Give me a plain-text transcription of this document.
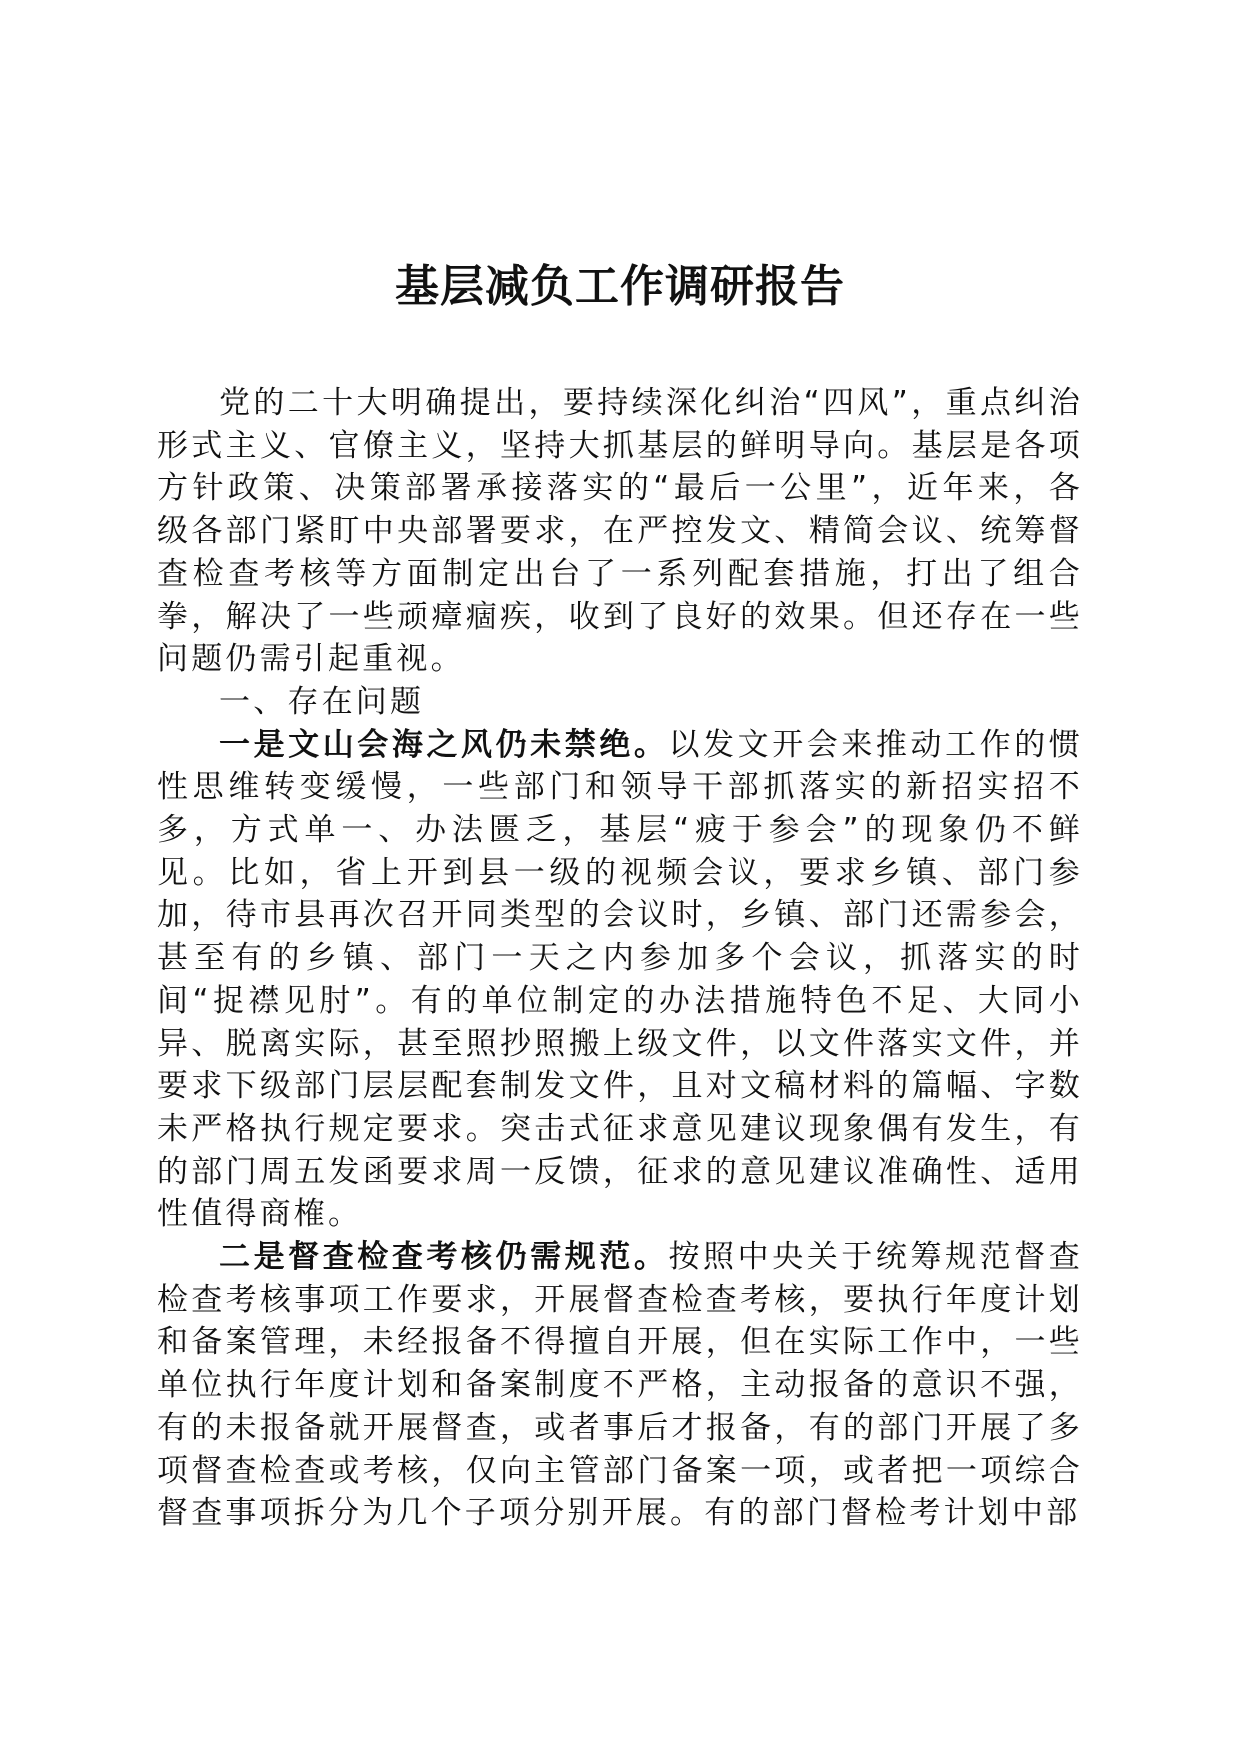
基层减负工作调研报告

党的二十大明确提出，要持续深化纠治“四风”，重点纠治形式主义、官僚主义，坚持大抓基层的鲜明导向。基层是各项方针政策、决策部署承接落实的“最后一公里”，近年来，各级各部门紧盯中央部署要求，在严控发文、精简会议、统筹督查检查考核等方面制定出台了一系列配套措施，打出了组合拳，解决了一些顽瘴痼疾，收到了良好的效果。但还存在一些问题仍需引起重视。

一、存在问题

一是文山会海之风仍未禁绝。以发文开会来推动工作的惯性思维转变缓慢，一些部门和领导干部抓落实的新招实招不多，方式单一、办法匮乏，基层“疲于参会”的现象仍不鲜见。比如，省上开到县一级的视频会议，要求乡镇、部门参加，待市县再次召开同类型的会议时，乡镇、部门还需参会，甚至有的乡镇、部门一天之内参加多个会议，抓落实的时间“捉襟见肘”。有的单位制定的办法措施特色不足、大同小异、脱离实际，甚至照抄照搬上级文件，以文件落实文件，并要求下级部门层层配套制发文件，且对文稿材料的篇幅、字数未严格执行规定要求。突击式征求意见建议现象偶有发生，有的部门周五发函要求周一反馈，征求的意见建议准确性、适用性值得商榷。

二是督查检查考核仍需规范。按照中央关于统筹规范督查检查考核事项工作要求，开展督查检查考核，要执行年度计划和备案管理，未经报备不得擅自开展，但在实际工作中，一些单位执行年度计划和备案制度不严格，主动报备的意识不强，有的未报备就开展督查，或者事后才报备，有的部门开展了多项督查检查或考核，仅向主管部门备案一项，或者把一项综合督查事项拆分为几个子项分别开展。有的部门督检考计划中部
